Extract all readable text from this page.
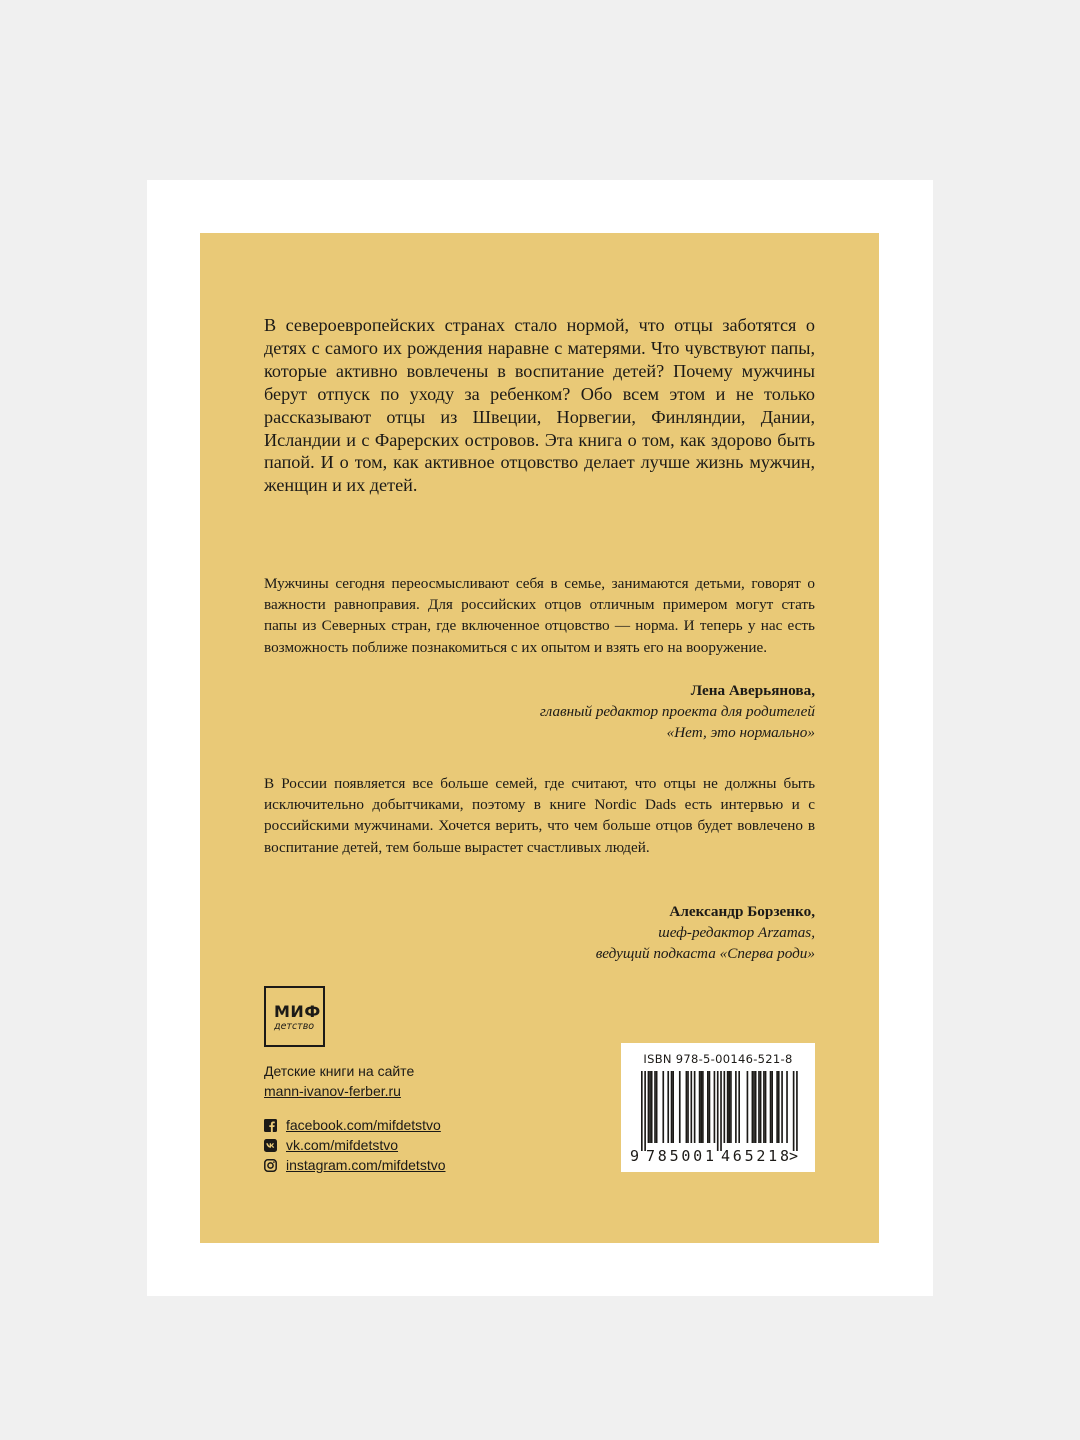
В североевропейских странах стало нормой, что отцы заботятся о детях с самого их рождения наравне с матерями. Что чувствуют папы, которые активно вовлечены в воспитание детей? Почему мужчины берут отпуск по уходу за ребенком? Обо всем этом и не только рассказывают отцы из Швеции, Норвегии, Финляндии, Дании, Исландии и с Фарерских островов. Эта книга о том, как здорово быть папой. И о том, как активное отцовство делает лучше жизнь мужчин, женщин и их детей.
Мужчины сегодня переосмысливают себя в семье, занимаются детьми, говорят о важности равноправия. Для российских отцов отличным примером могут стать папы из Северных стран, где включенное отцовство — норма. И теперь у нас есть возможность поближе познакомиться с их опытом и взять его на вооружение.
Лена Аверьянова,
главный редактор проекта для родителей
«Нет, это нормально»
В России появляется все больше семей, где считают, что отцы не должны быть исключительно добытчиками, поэтому в книге Nordic Dads есть интервью и с российскими мужчинами. Хочется верить, что чем больше отцов будет вовлечено в воспитание детей, тем больше вырастет счастливых людей.
Александр Борзенко,
шеф-редактор Arzamas,
ведущий подкаста «Сперва роди»
МИФ
детство
Детские книги на сайте
mann-ivanov-ferber.ru
facebook.com/mifdetstvo
vk.com/mifdetstvo
instagram.com/mifdetstvo
ISBN 978-5-00146-521-8
9 785001 465218 >
